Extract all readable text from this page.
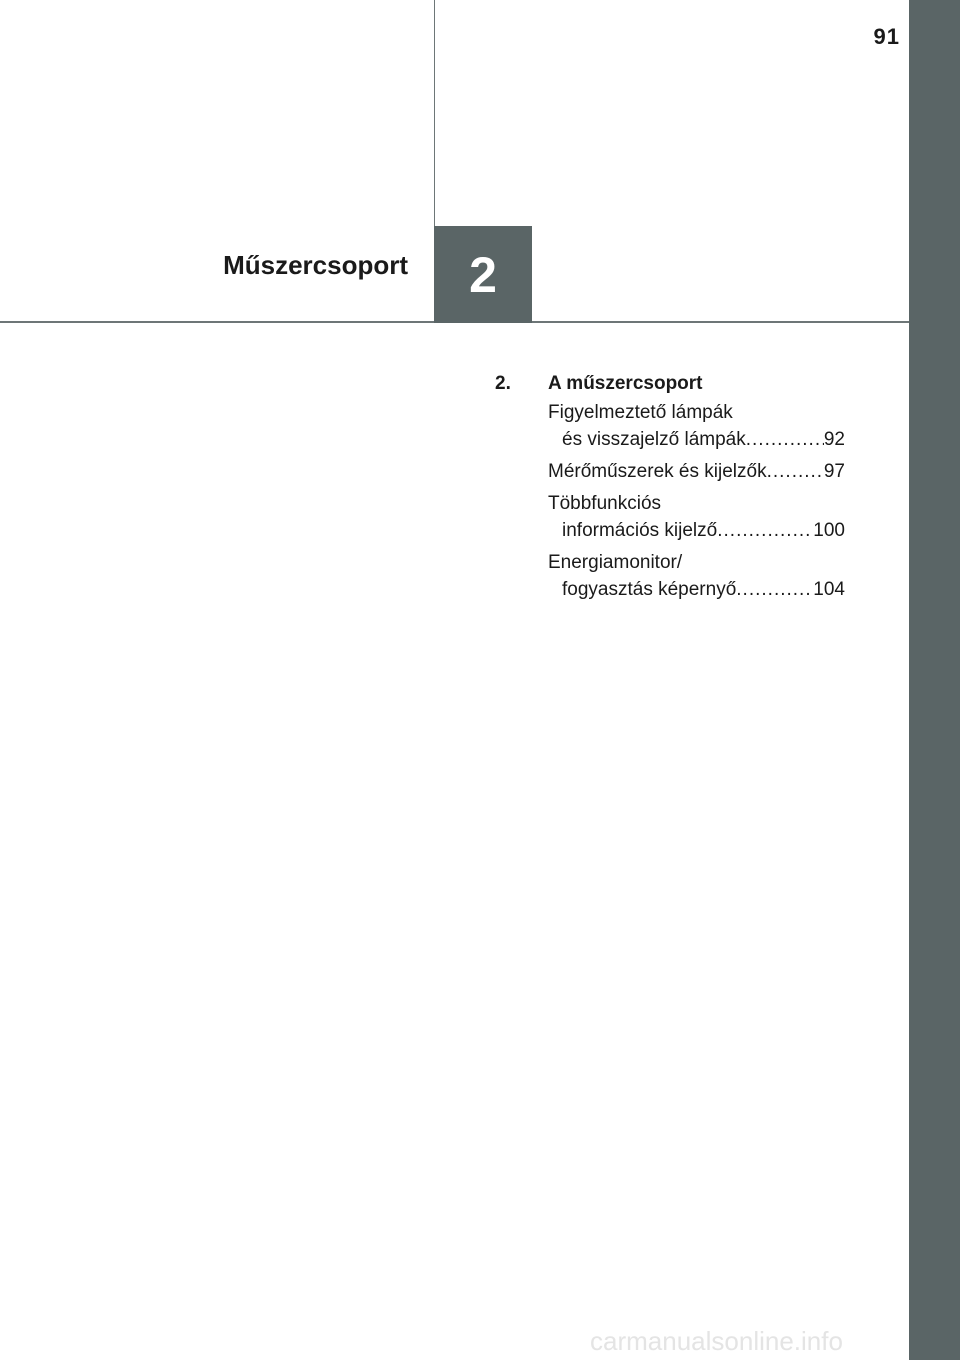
91
Műszercsoport	2
2.	A műszercsoport
Figyelmeztető lámpák
és visszajelző lámpák .....	92
Mérőműszerek és kijelzők .....	97
Többfunkciós
információs kijelző .....	100
Energiamonitor/
fogyasztás képernyő .....	104
carmanualsonline.info
